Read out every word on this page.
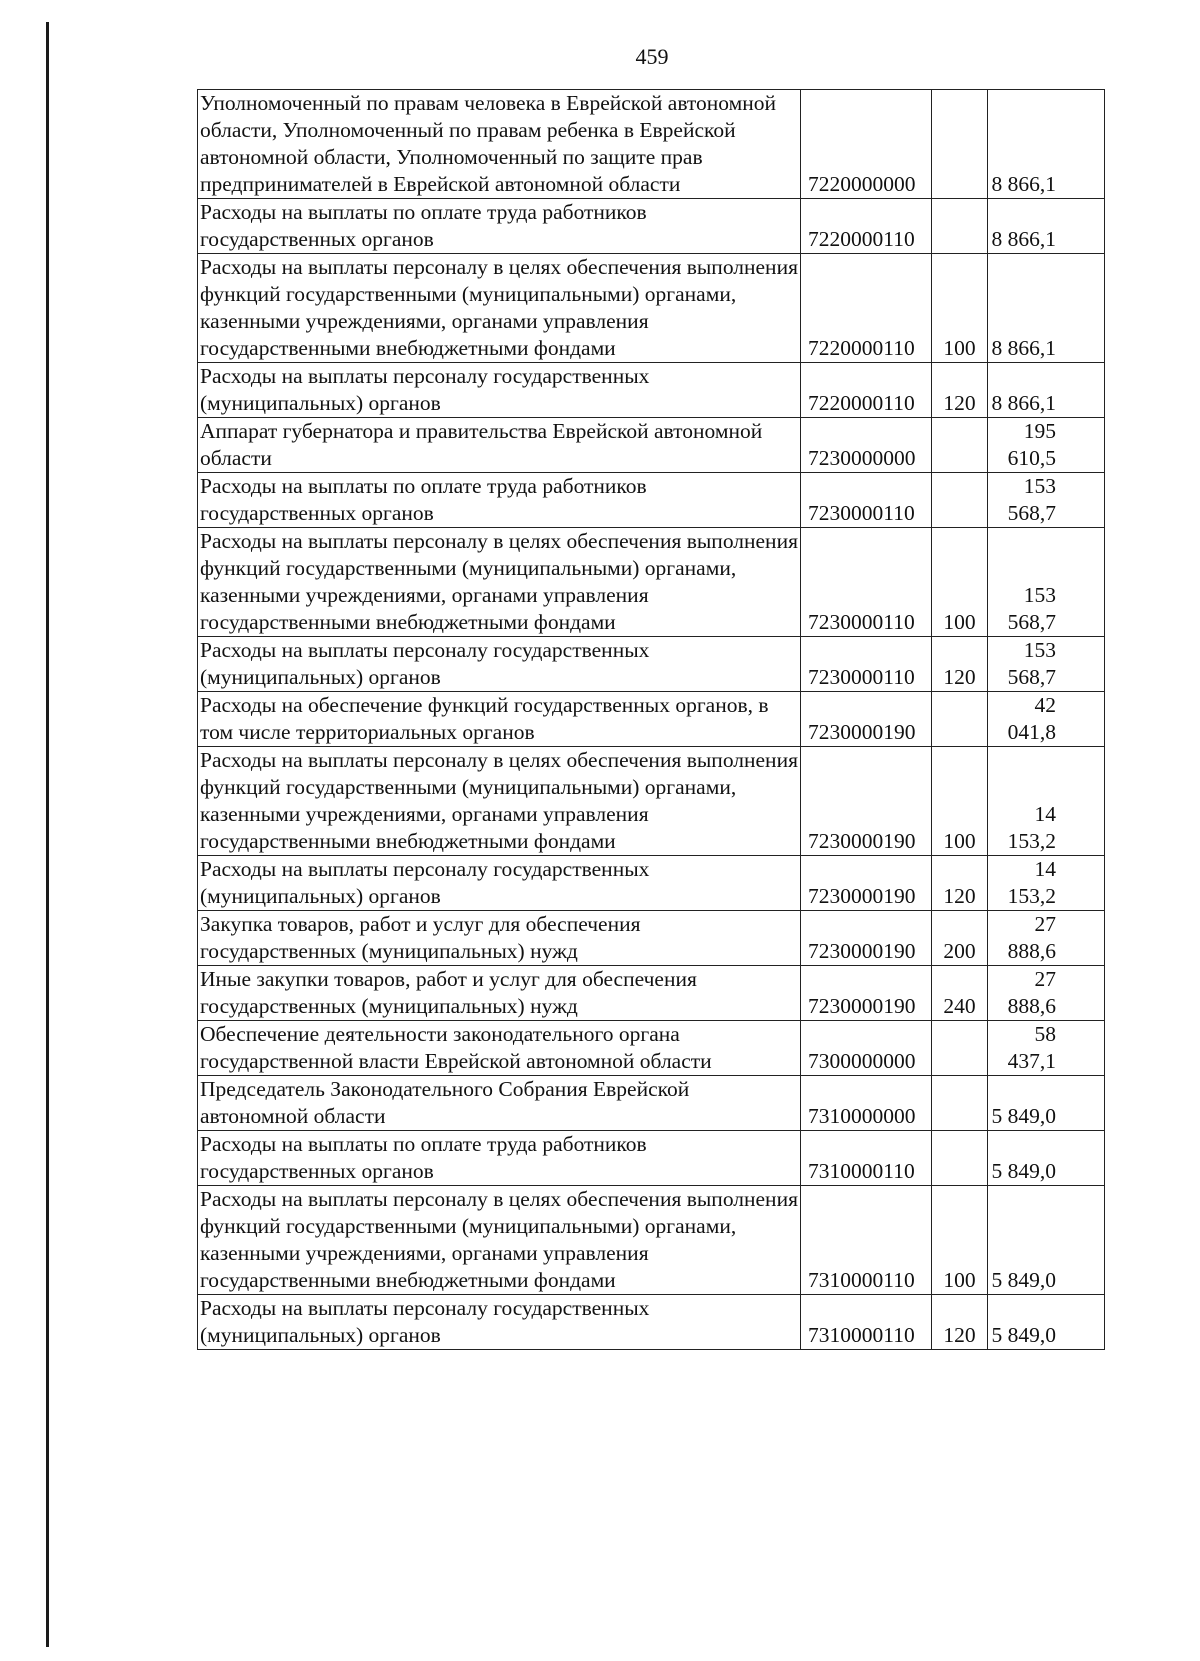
459
Уполномоченный по правам человека в Еврейской автономной области, Уполномоченный по правам ребенка в Еврейской автономной области, Уполномоченный по защите прав предпринимателей в Еврейской автономной области	7220000000		8 866,1
Расходы на выплаты по оплате труда работников государственных органов	7220000110		8 866,1
Расходы на выплаты персоналу в целях обеспечения выполнения функций государственными (муниципальными) органами, казенными учреждениями, органами управления государственными внебюджетными фондами	7220000110	100	8 866,1
Расходы на выплаты персоналу государственных (муниципальных) органов	7220000110	120	8 866,1
Аппарат губернатора и правительства Еврейской автономной области	7230000000		195 610,5
Расходы на выплаты по оплате труда работников государственных органов	7230000110		153 568,7
Расходы на выплаты персоналу в целях обеспечения выполнения функций государственными (муниципальными) органами, казенными учреждениями, органами управления государственными внебюджетными фондами	7230000110	100	153 568,7
Расходы на выплаты персоналу государственных (муниципальных) органов	7230000110	120	153 568,7
Расходы на обеспечение функций государственных органов, в том числе территориальных органов	7230000190		42 041,8
Расходы на выплаты персоналу в целях обеспечения выполнения функций государственными (муниципальными) органами, казенными учреждениями, органами управления государственными внебюджетными фондами	7230000190	100	14 153,2
Расходы на выплаты персоналу государственных (муниципальных) органов	7230000190	120	14 153,2
Закупка товаров, работ и услуг для обеспечения государственных (муниципальных) нужд	7230000190	200	27 888,6
Иные закупки товаров, работ и услуг для обеспечения государственных (муниципальных) нужд	7230000190	240	27 888,6
Обеспечение деятельности законодательного органа государственной власти Еврейской автономной области	7300000000		58 437,1
Председатель Законодательного Собрания Еврейской автономной области	7310000000		5 849,0
Расходы на выплаты по оплате труда работников государственных органов	7310000110		5 849,0
Расходы на выплаты персоналу в целях обеспечения выполнения функций государственными (муниципальными) органами, казенными учреждениями, органами управления государственными внебюджетными фондами	7310000110	100	5 849,0
Расходы на выплаты персоналу государственных (муниципальных) органов	7310000110	120	5 849,0
